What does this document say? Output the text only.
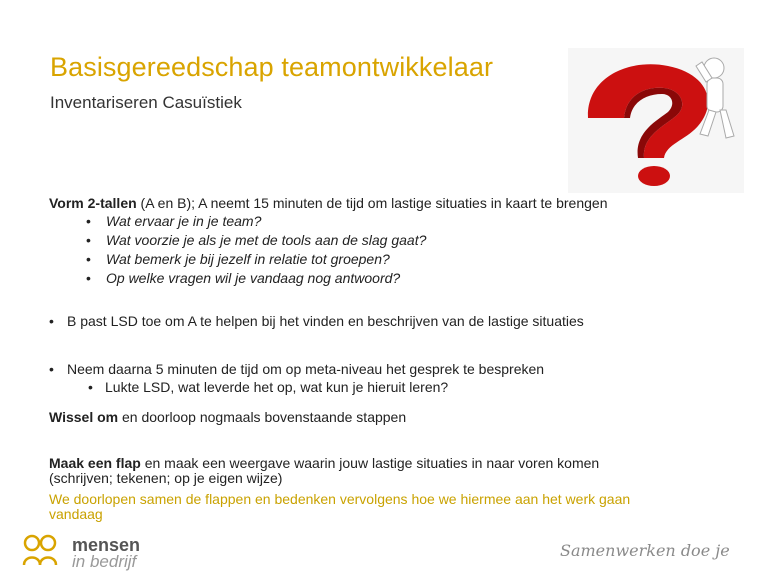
Basisgereedschap teamontwikkelaar
Inventariseren Casuïstiek
Vorm 2-tallen (A en B); A neemt 15 minuten de tijd om lastige situaties in kaart te brengen
• Wat ervaar je in je team?
• Wat voorzie je als je met de tools aan de slag gaat?
• Wat bemerk je bij jezelf in relatie tot groepen?
• Op welke vragen wil je vandaag nog antwoord?
• B past LSD toe om A te helpen bij het vinden en beschrijven van de lastige situaties
• Neem daarna 5 minuten de tijd om op meta-niveau het gesprek te bespreken
• Lukte LSD, wat leverde het op, wat kun je hieruit leren?
Wissel om en doorloop nogmaals bovenstaande stappen
Maak een flap en maak een weergave waarin jouw lastige situaties in naar voren komen
(schrijven; tekenen; op je eigen wijze)
We doorlopen samen de flappen en bedenken vervolgens hoe we hiermee aan het werk gaan
vandaag
mensen
in bedrijf
Samenwerken doe je
